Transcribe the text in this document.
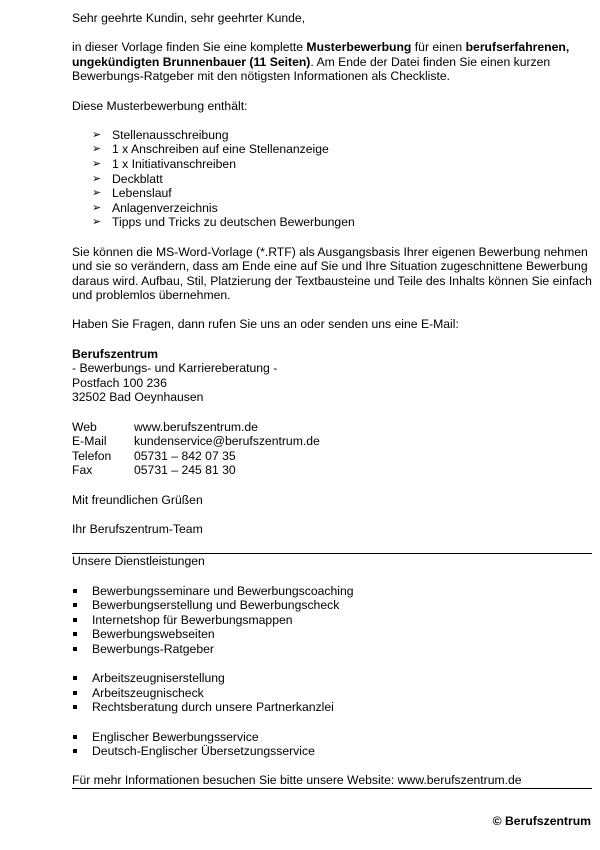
Sehr geehrte Kundin, sehr geehrter Kunde,

in dieser Vorlage finden Sie eine komplette Musterbewerbung für einen berufserfahrenen, ungekündigten Brunnenbauer (11 Seiten). Am Ende der Datei finden Sie einen kurzen Bewerbungs-Ratgeber mit den nötigsten Informationen als Checkliste.

Diese Musterbewerbung enthält:

➢ Stellenausschreibung
➢ 1 x Anschreiben auf eine Stellenanzeige
➢ 1 x Initiativanschreiben
➢ Deckblatt
➢ Lebenslauf
➢ Anlagenverzeichnis
➢ Tipps und Tricks zu deutschen Bewerbungen

Sie können die MS-Word-Vorlage (*.RTF) als Ausgangsbasis Ihrer eigenen Bewerbung nehmen und sie so verändern, dass am Ende eine auf Sie und Ihre Situation zugeschnittene Bewerbung daraus wird. Aufbau, Stil, Platzierung der Textbausteine und Teile des Inhalts können Sie einfach und problemlos übernehmen.

Haben Sie Fragen, dann rufen Sie uns an oder senden uns eine E-Mail:

Berufszentrum

- Bewerbungs- und Karriereberatung -

Postfach 100 236

32502 Bad Oeynhausen

Web	www.berufszentrum.de
E-Mail	kundenservice@berufszentrum.de
Telefon	05731 – 842 07 35
Fax	05731 – 245 81 30

Mit freundlichen Grüßen

Ihr Berufszentrum-Team

Unsere Dienstleistungen

Bewerbungsseminare und Bewerbungscoaching
Bewerbungserstellung und Bewerbungscheck
Internetshop für Bewerbungsmappen
Bewerbungswebseiten
Bewerbungs-Ratgeber
Arbeitszeugniserstellung
Arbeitszeugnischeck
Rechtsberatung durch unsere Partnerkanzlei
Englischer Bewerbungsservice
Deutsch-Englischer Übersetzungsservice

Für mehr Informationen besuchen Sie bitte unsere Website: www.berufszentrum.de

© Berufszentrum
